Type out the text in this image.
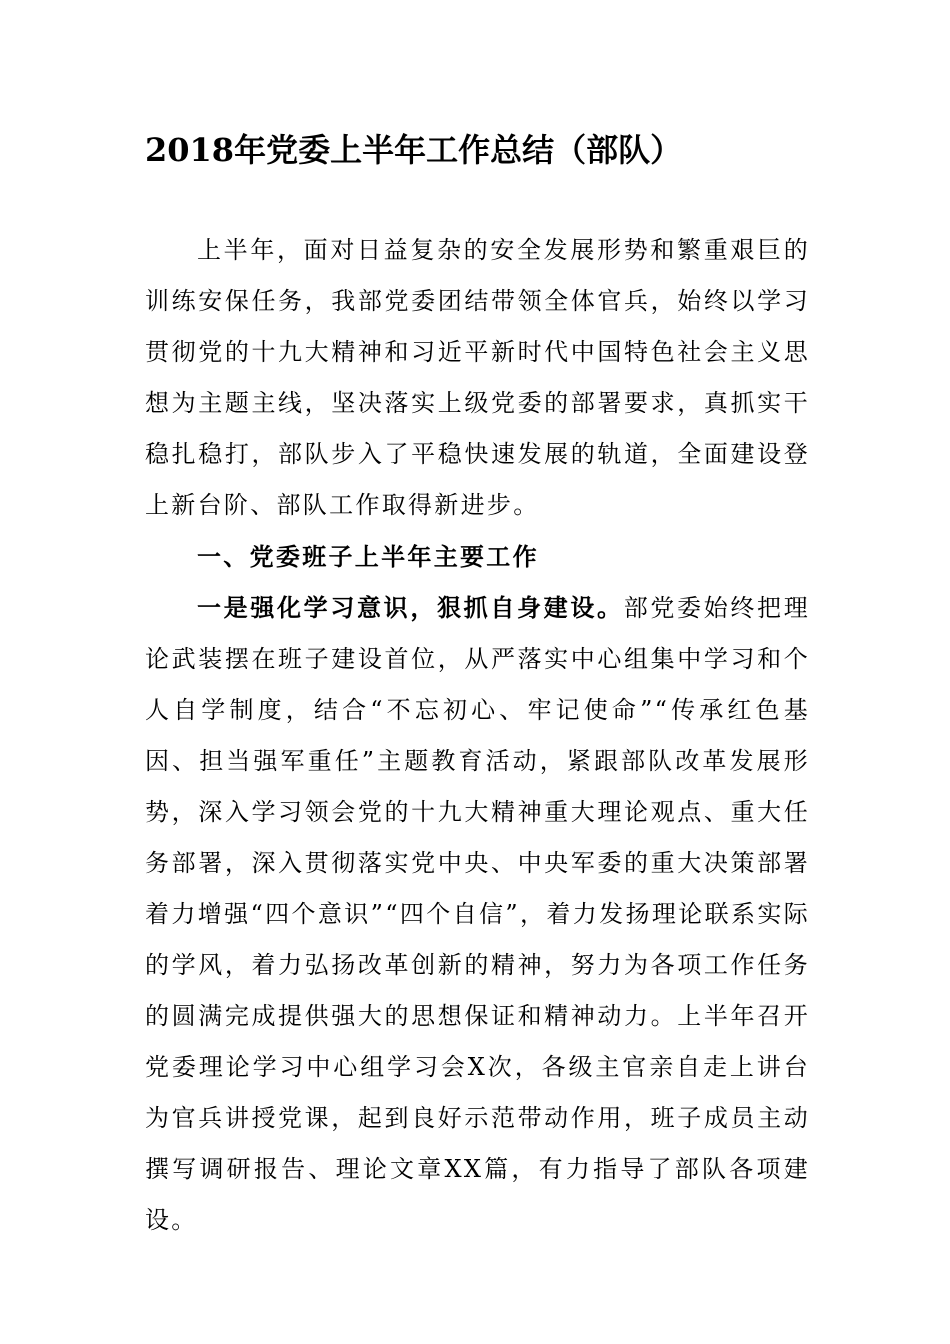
2018年党委上半年工作总结（部队）

上半年，面对日益复杂的安全发展形势和繁重艰巨的训练安保任务，我部党委团结带领全体官兵，始终以学习贯彻党的十九大精神和习近平新时代中国特色社会主义思想为主题主线，坚决落实上级党委的部署要求，真抓实干稳扎稳打，部队步入了平稳快速发展的轨道，全面建设登上新台阶、部队工作取得新进步。

一、党委班子上半年主要工作

一是强化学习意识，狠抓自身建设。部党委始终把理论武装摆在班子建设首位，从严落实中心组集中学习和个人自学制度，结合“不忘初心、牢记使命”“传承红色基因、担当强军重任”主题教育活动，紧跟部队改革发展形势，深入学习领会党的十九大精神重大理论观点、重大任务部署，深入贯彻落实党中央、中央军委的重大决策部署着力增强“四个意识”“四个自信”，着力发扬理论联系实际的学风，着力弘扬改革创新的精神，努力为各项工作任务的圆满完成提供强大的思想保证和精神动力。上半年召开党委理论学习中心组学习会X次，各级主官亲自走上讲台为官兵讲授党课，起到良好示范带动作用，班子成员主动撰写调研报告、理论文章XX篇，有力指导了部队各项建设。
